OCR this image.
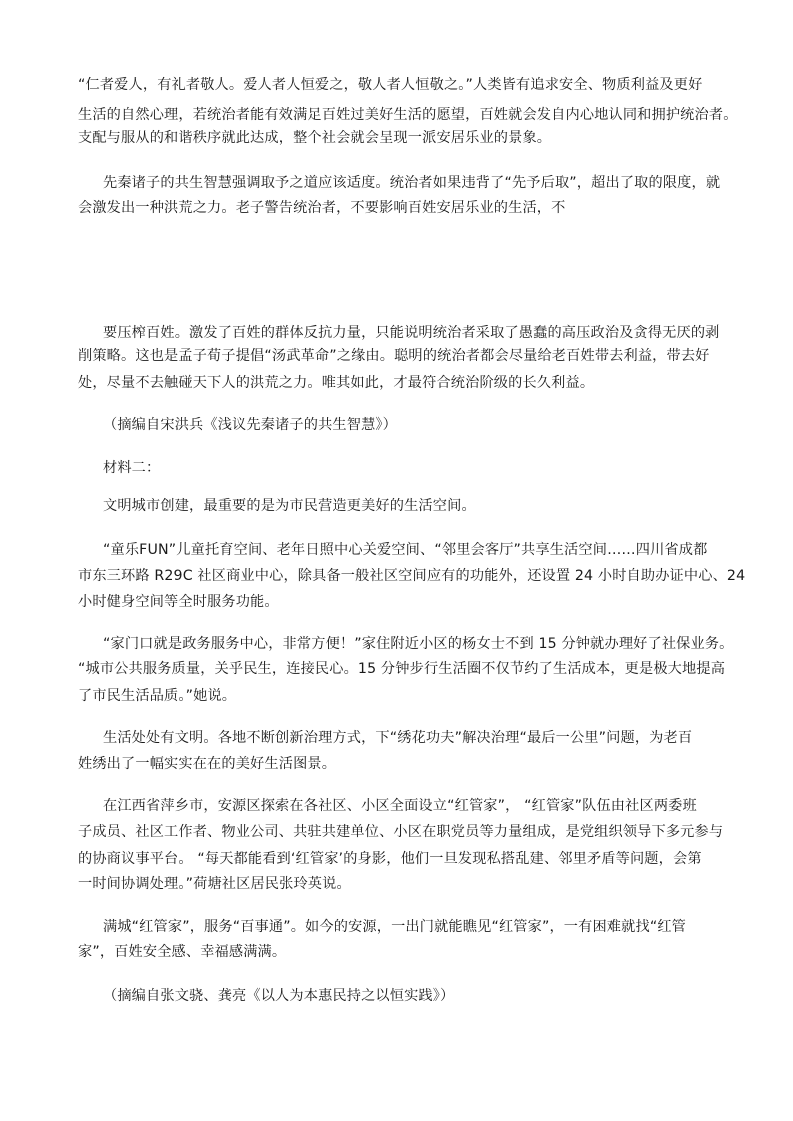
“仁者爱人，有礼者敬人。爱人者人恒爱之，敬人者人恒敬之。”人类皆有追求安全、物质利益及更好
生活的自然心理，若统治者能有效满足百姓过美好生活的愿望，百姓就会发自内心地认同和拥护统治者。
支配与服从的和谐秩序就此达成，整个社会就会呈现一派安居乐业的景象。
先秦诸子的共生智慧强调取予之道应该适度。统治者如果违背了“先予后取”，超出了取的限度，就
会激发出一种洪荒之力。老子警告统治者，不要影响百姓安居乐业的生活，不
要压榨百姓。激发了百姓的群体反抗力量，只能说明统治者采取了愚蠢的高压政治及贪得无厌的剥
削策略。这也是孟子荀子提倡“汤武革命”之缘由。聪明的统治者都会尽量给老百姓带去利益，带去好
处，尽量不去触碰天下人的洪荒之力。唯其如此，才最符合统治阶级的长久利益。
（摘编自宋洪兵《浅议先秦诸子的共生智慧》）
材料二：
文明城市创建，最重要的是为市民营造更美好的生活空间。
“童乐FUN”儿童托育空间、老年日照中心关爱空间、“邻里会客厅”共享生活空间……四川省成都
市东三环路 R29C 社区商业中心，除具备一般社区空间应有的功能外，还设置 24 小时自助办证中心、24
小时健身空间等全时服务功能。
“家门口就是政务服务中心，非常方便！”家住附近小区的杨女士不到 15 分钟就办理好了社保业务。
“城市公共服务质量，关乎民生，连接民心。15 分钟步行生活圈不仅节约了生活成本，更是极大地提高
了市民生活品质。”她说。
生活处处有文明。各地不断创新治理方式，下“绣花功夫”解决治理“最后一公里”问题，为老百
姓绣出了一幅实实在在的美好生活图景。
在江西省萍乡市，安源区探索在各社区、小区全面设立“红管家”， “红管家”队伍由社区两委班
子成员、社区工作者、物业公司、共驻共建单位、小区在职党员等力量组成，是党组织领导下多元参与
的协商议事平台。 “每天都能看到‘红管家’的身影，他们一旦发现私搭乱建、邻里矛盾等问题，会第
一时间协调处理。”荷塘社区居民张玲英说。
满城“红管家”，服务“百事通”。如今的安源，一出门就能瞧见“红管家”，一有困难就找“红管
家”，百姓安全感、幸福感满满。
（摘编自张文骁、龚亮《以人为本惠民持之以恒实践》）
